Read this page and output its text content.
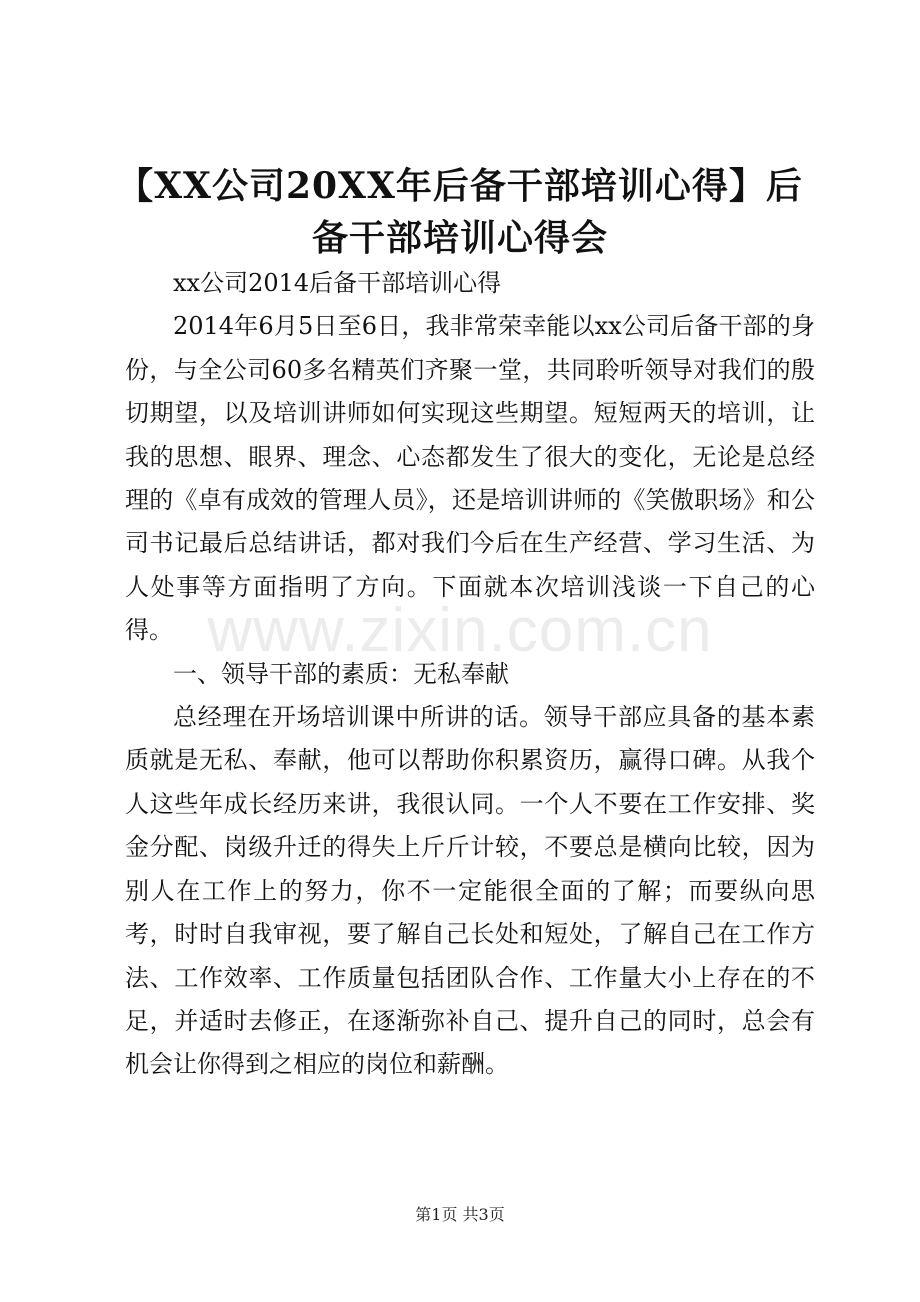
【XX公司20XX年后备干部培训心得】后备干部培训心得会

xx公司2014后备干部培训心得

2014年6月5日至6日，我非常荣幸能以xx公司后备干部的身份，与全公司60多名精英们齐聚一堂，共同聆听领导对我们的殷切期望，以及培训讲师如何实现这些期望。短短两天的培训，让我的思想、眼界、理念、心态都发生了很大的变化，无论是总经理的《卓有成效的管理人员》，还是培训讲师的《笑傲职场》和公司书记最后总结讲话，都对我们今后在生产经营、学习生活、为人处事等方面指明了方向。下面就本次培训浅谈一下自己的心得。

一、领导干部的素质：无私奉献

总经理在开场培训课中所讲的话。领导干部应具备的基本素质就是无私、奉献，他可以帮助你积累资历，赢得口碑。从我个人这些年成长经历来讲，我很认同。一个人不要在工作安排、奖金分配、岗级升迁的得失上斤斤计较，不要总是横向比较，因为别人在工作上的努力，你不一定能很全面的了解；而要纵向思考，时时自我审视，要了解自己长处和短处，了解自己在工作方法、工作效率、工作质量包括团队合作、工作量大小上存在的不足，并适时去修正，在逐渐弥补自己、提升自己的同时，总会有机会让你得到之相应的岗位和薪酬。

www.zixin.com.cn
第1页 共3页
